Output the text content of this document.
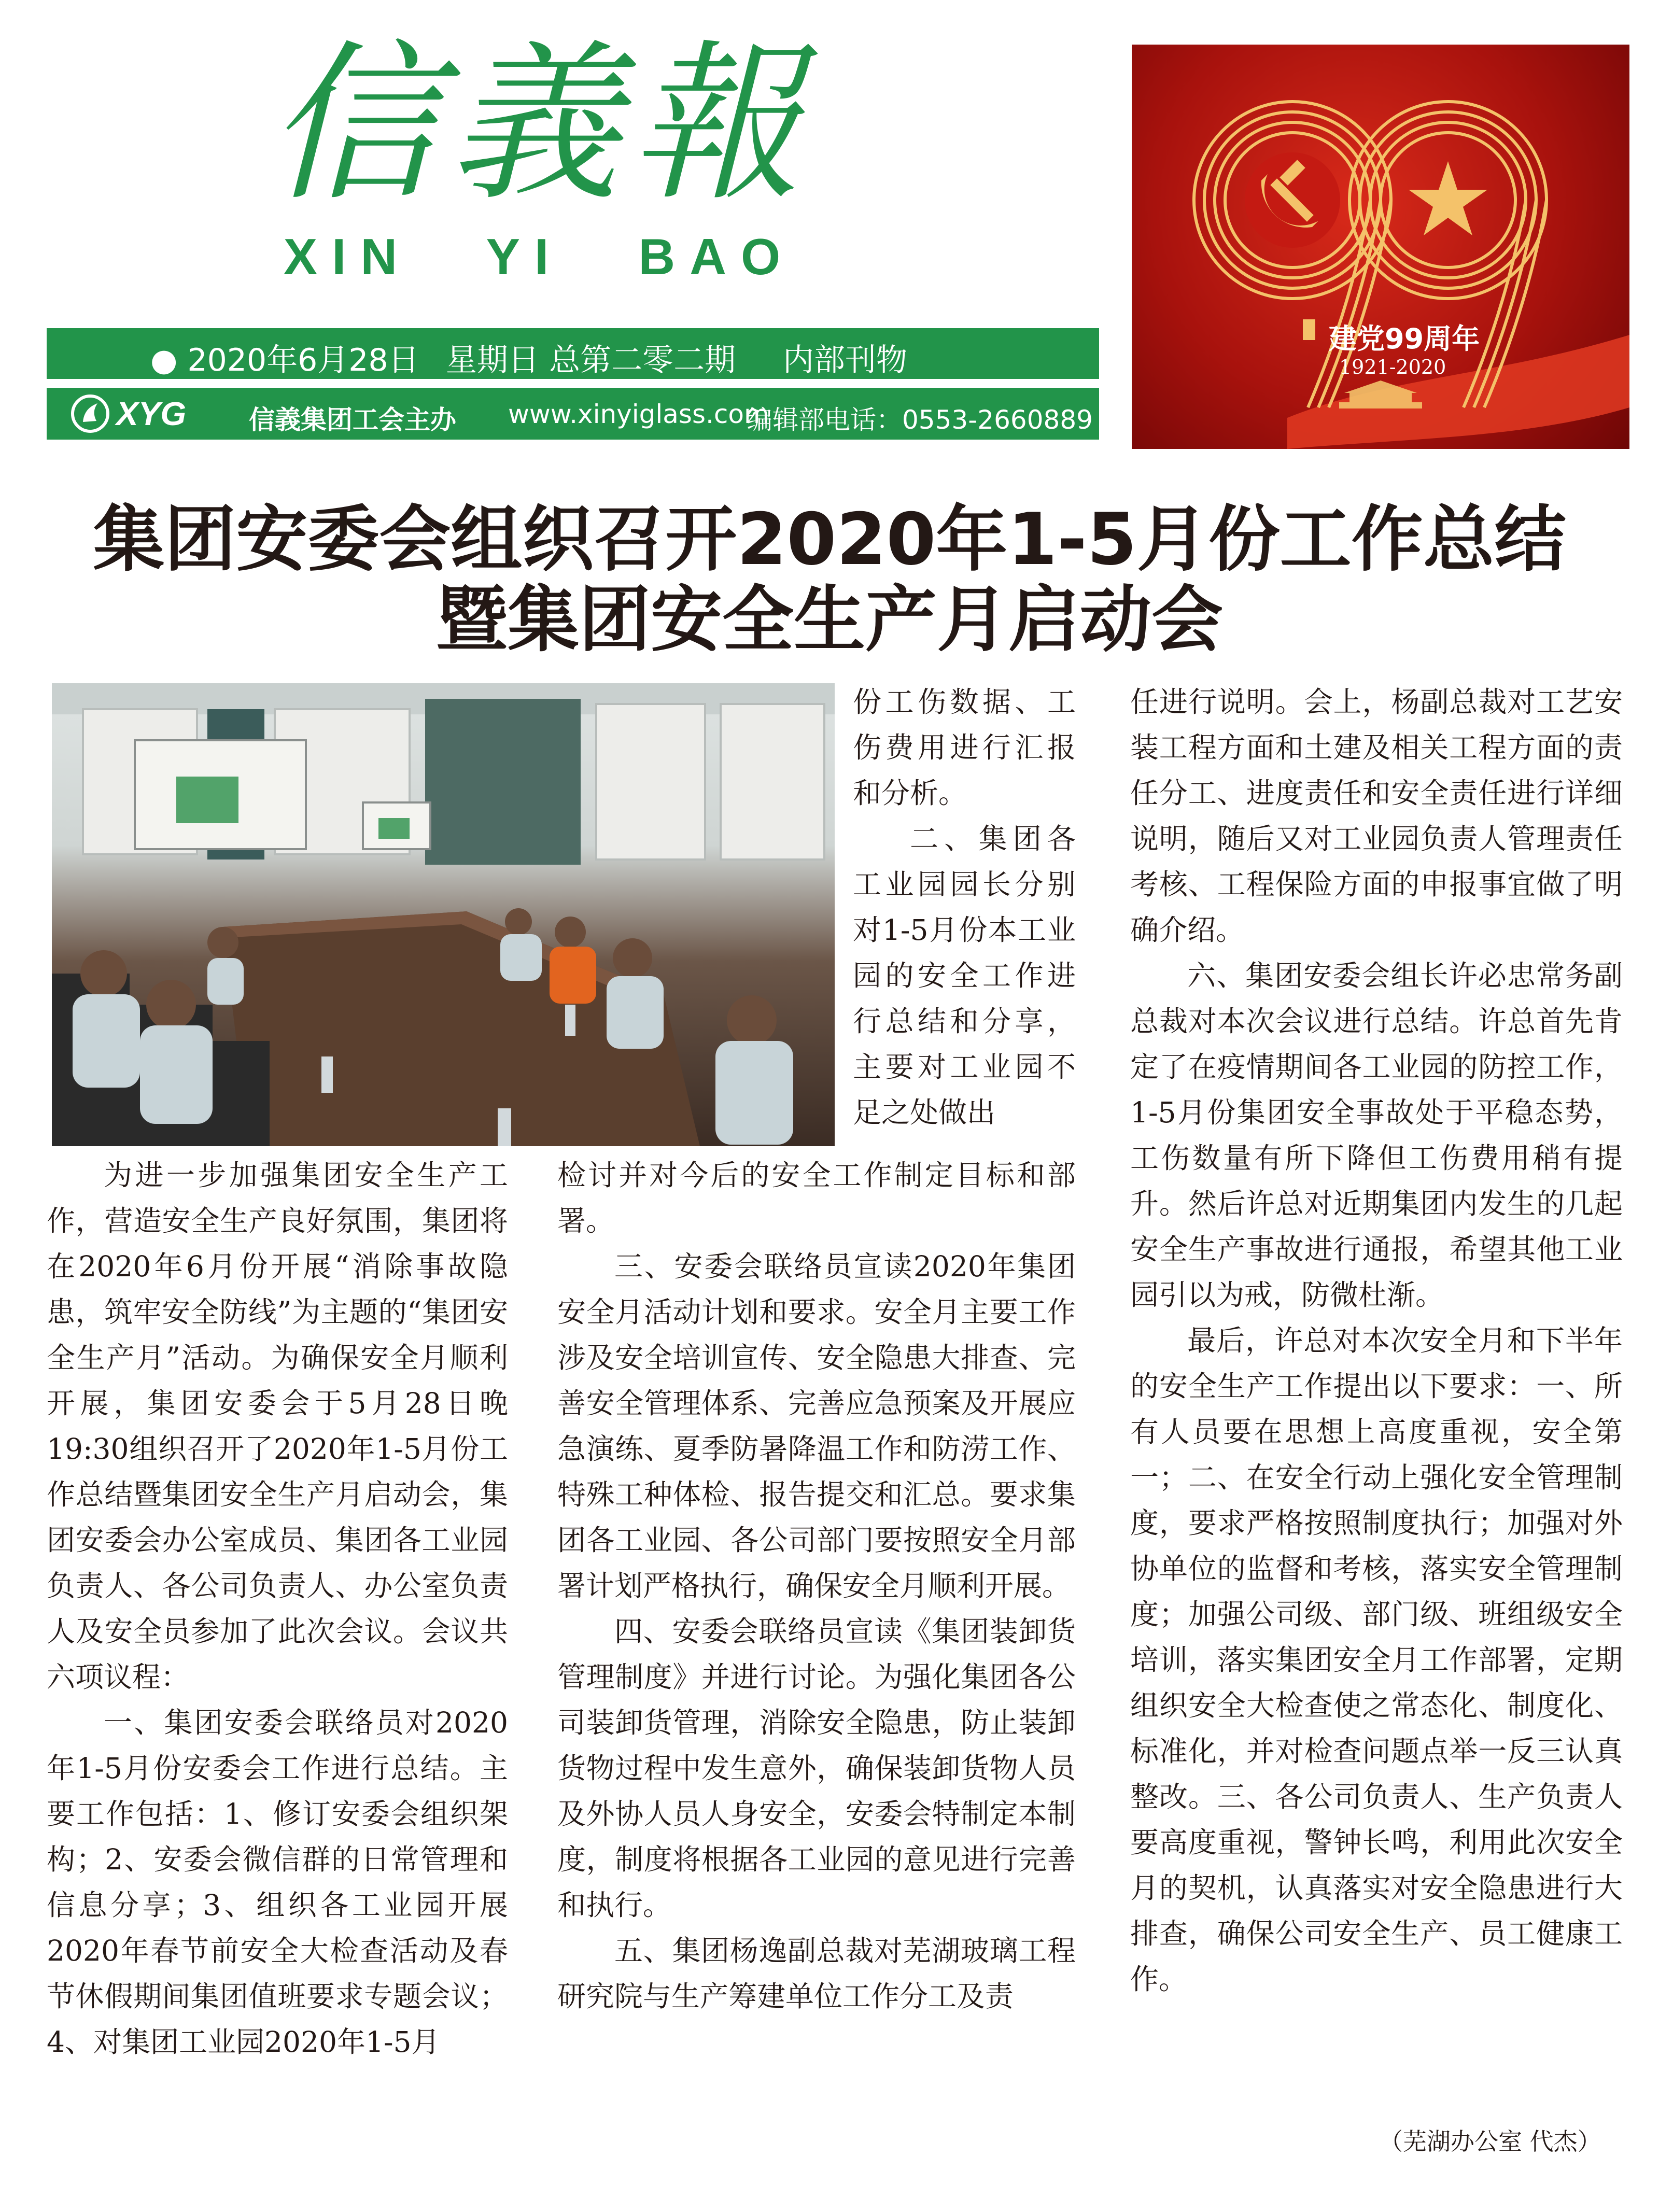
信義報
XIN YI BAO
● 2020年6月28日 星期日 总第二零二期 内部刊物
XYG 信義集团工会主办 www.xinyiglass.com
编辑部电话：0553-2660889
建党99周年
1921-2020
集团安委会组织召开2020年1-5月份工作总结
暨集团安全生产月启动会

份工伤数据、工伤费用进行汇报和分析。

二、集团各工业园园长分别对1-5月份本工业园的安全工作进行总结和分享，主要对工业园不足之处做出

为进一步加强集团安全生产工作，营造安全生产良好氛围，集团将在2020年6月份开展“消除事故隐患，筑牢安全防线”为主题的“集团安全生产月”活动。为确保安全月顺利开展，集团安委会于5月28日晚19:30组织召开了2020年1-5月份工作总结暨集团安全生产月启动会，集团安委会办公室成员、集团各工业园负责人、各公司负责人、办公室负责人及安全员参加了此次会议。会议共六项议程：

一、集团安委会联络员对2020年1-5月份安委会工作进行总结。主要工作包括：1、修订安委会组织架构；2、安委会微信群的日常管理和信息分享；3、组织各工业园开展2020年春节前安全大检查活动及春节休假期间集团值班要求专题会议；4、对集团工业园2020年1-5月

检讨并对今后的安全工作制定目标和部署。

三、安委会联络员宣读2020年集团安全月活动计划和要求。安全月主要工作涉及安全培训宣传、安全隐患大排查、完善安全管理体系、完善应急预案及开展应急演练、夏季防暑降温工作和防涝工作、特殊工种体检、报告提交和汇总。要求集团各工业园、各公司部门要按照安全月部署计划严格执行，确保安全月顺利开展。

四、安委会联络员宣读《集团装卸货管理制度》并进行讨论。为强化集团各公司装卸货管理，消除安全隐患，防止装卸货物过程中发生意外，确保装卸货物人员及外协人员人身安全，安委会特制定本制度，制度将根据各工业园的意见进行完善和执行。

五、集团杨逸副总裁对芜湖玻璃工程研究院与生产筹建单位工作分工及责

任进行说明。会上，杨副总裁对工艺安装工程方面和土建及相关工程方面的责任分工、进度责任和安全责任进行详细说明，随后又对工业园负责人管理责任考核、工程保险方面的申报事宜做了明确介绍。

六、集团安委会组长许必忠常务副总裁对本次会议进行总结。许总首先肯定了在疫情期间各工业园的防控工作，1-5月份集团安全事故处于平稳态势，工伤数量有所下降但工伤费用稍有提升。然后许总对近期集团内发生的几起安全生产事故进行通报，希望其他工业园引以为戒，防微杜渐。

最后，许总对本次安全月和下半年的安全生产工作提出以下要求：一、所有人员要在思想上高度重视，安全第一；二、在安全行动上强化安全管理制度，要求严格按照制度执行；加强对外协单位的监督和考核，落实安全管理制度；加强公司级、部门级、班组级安全培训，落实集团安全月工作部署，定期组织安全大检查使之常态化、制度化、标准化，并对检查问题点举一反三认真整改。三、各公司负责人、生产负责人要高度重视，警钟长鸣，利用此次安全月的契机，认真落实对安全隐患进行大排查，确保公司安全生产、员工健康工作。

（芜湖办公室 代杰）
